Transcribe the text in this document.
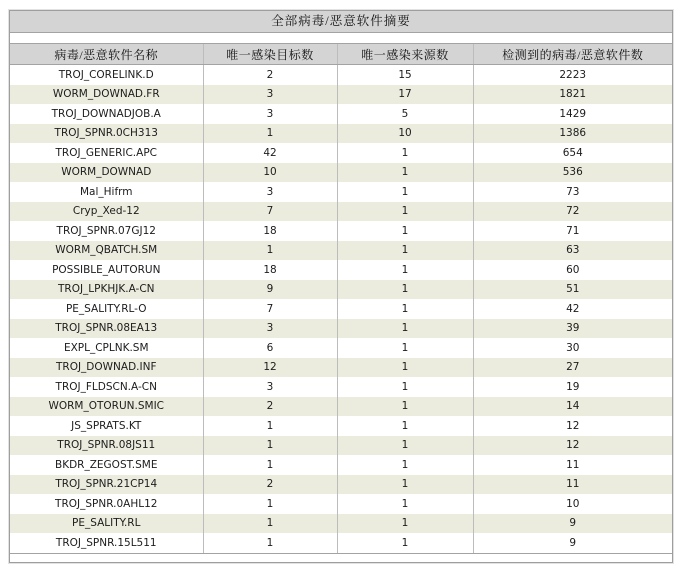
全部病毒/恶意软件摘要
病毒/恶意软件名称	唯一感染目标数	唯一感染来源数	检测到的病毒/恶意软件数
TROJ_CORELINK.D	2	15	2223
WORM_DOWNAD.FR	3	17	1821
TROJ_DOWNADJOB.A	3	5	1429
TROJ_SPNR.0CH313	1	10	1386
TROJ_GENERIC.APC	42	1	654
WORM_DOWNAD	10	1	536
Mal_Hifrm	3	1	73
Cryp_Xed-12	7	1	72
TROJ_SPNR.07GJ12	18	1	71
WORM_QBATCH.SM	1	1	63
POSSIBLE_AUTORUN	18	1	60
TROJ_LPKHJK.A-CN	9	1	51
PE_SALITY.RL-O	7	1	42
TROJ_SPNR.08EA13	3	1	39
EXPL_CPLNK.SM	6	1	30
TROJ_DOWNAD.INF	12	1	27
TROJ_FLDSCN.A-CN	3	1	19
WORM_OTORUN.SMIC	2	1	14
JS_SPRATS.KT	1	1	12
TROJ_SPNR.08JS11	1	1	12
BKDR_ZEGOST.SME	1	1	11
TROJ_SPNR.21CP14	2	1	11
TROJ_SPNR.0AHL12	1	1	10
PE_SALITY.RL	1	1	9
TROJ_SPNR.15L511	1	1	9
